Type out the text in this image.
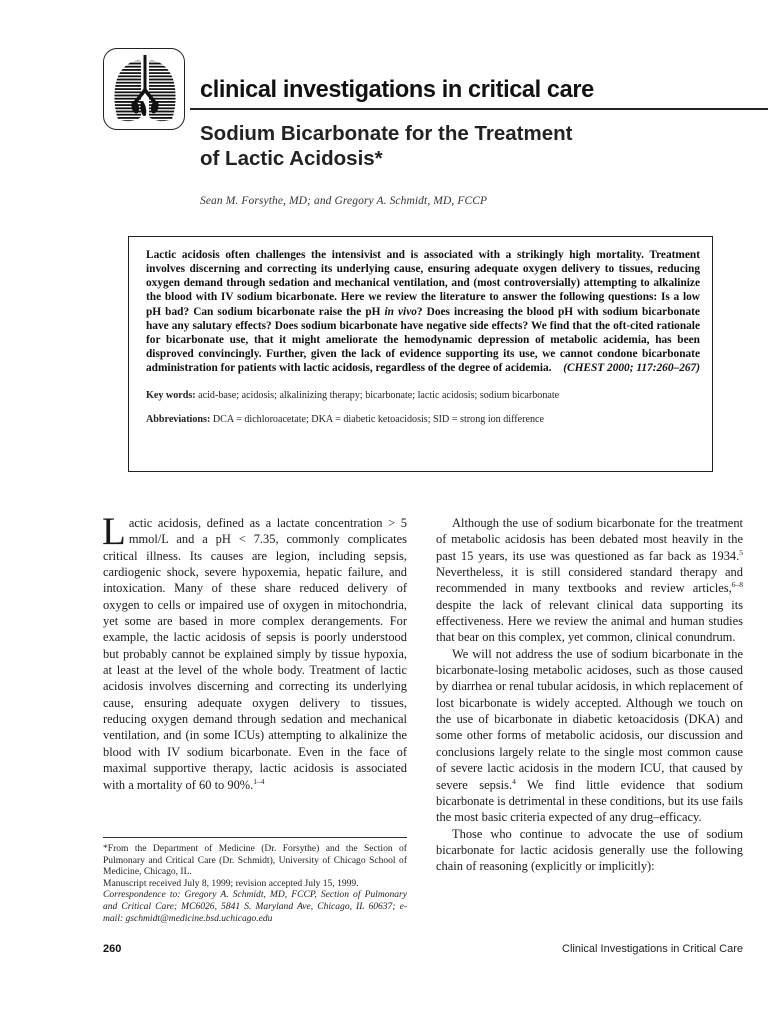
clinical investigations in critical care
Sodium Bicarbonate for the Treatment
of Lactic Acidosis*
Sean M. Forsythe, MD; and Gregory A. Schmidt, MD, FCCP
Lactic acidosis often challenges the intensivist and is associated with a strikingly high mortality. Treatment involves discerning and correcting its underlying cause, ensuring adequate oxygen delivery to tissues, reducing oxygen demand through sedation and mechanical ventilation, and (most controversially) attempting to alkalinize the blood with IV sodium bicarbonate. Here we review the literature to answer the following questions: Is a low pH bad? Can sodium bicarbonate raise the pH in vivo? Does increasing the blood pH with sodium bicarbonate have any salutary effects? Does sodium bicarbonate have negative side effects? We find that the oft-cited rationale for bicarbonate use, that it might ameliorate the hemodynamic depression of metabolic acidemia, has been disproved convincingly. Further, given the lack of evidence supporting its use, we cannot condone bicarbonate administration for patients with lactic acidosis, regardless of the degree of acidemia. (CHEST 2000; 117:260–267)
Key words: acid-base; acidosis; alkalinizing therapy; bicarbonate; lactic acidosis; sodium bicarbonate
Abbreviations: DCA = dichloroacetate; DKA = diabetic ketoacidosis; SID = strong ion difference

Lactic acidosis, defined as a lactate concentration > 5 mmol/L and a pH < 7.35, commonly complicates critical illness. Its causes are legion, including sepsis, cardiogenic shock, severe hypoxemia, hepatic failure, and intoxication. Many of these share reduced delivery of oxygen to cells or impaired use of oxygen in mitochondria, yet some are based in more complex derangements. For example, the lactic acidosis of sepsis is poorly understood but probably cannot be explained simply by tissue hypoxia, at least at the level of the whole body. Treatment of lactic acidosis involves discerning and correcting its underlying cause, ensuring adequate oxygen delivery to tissues, reducing oxygen demand through sedation and mechanical ventilation, and (in some ICUs) attempting to alkalinize the blood with IV sodium bicarbonate. Even in the face of maximal supportive therapy, lactic acidosis is associated with a mortality of 60 to 90%.$^{1-4}$

*From the Department of Medicine (Dr. Forsythe) and the Section of Pulmonary and Critical Care (Dr. Schmidt), University of Chicago School of Medicine, Chicago, IL.
Manuscript received July 8, 1999; revision accepted July 15, 1999.
Correspondence to: Gregory A. Schmidt, MD, FCCP, Section of Pulmonary and Critical Care; MC6026, 5841 S. Maryland Ave, Chicago, IL 60637; e-mail: gschmidt@medicine.bsd.uchicago.edu

Although the use of sodium bicarbonate for the treatment of metabolic acidosis has been debated most heavily in the past 15 years, its use was questioned as far back as 1934.$^5$ Nevertheless, it is still considered standard therapy and recommended in many textbooks and review articles,$^{6-8}$ despite the lack of relevant clinical data supporting its effectiveness. Here we review the animal and human studies that bear on this complex, yet common, clinical conundrum.

We will not address the use of sodium bicarbonate in the bicarbonate-losing metabolic acidoses, such as those caused by diarrhea or renal tubular acidosis, in which replacement of lost bicarbonate is widely accepted. Although we touch on the use of bicarbonate in diabetic ketoacidosis (DKA) and some other forms of metabolic acidosis, our discussion and conclusions largely relate to the single most common cause of severe lactic acidosis in the modern ICU, that caused by severe sepsis.$^4$ We find little evidence that sodium bicarbonate is detrimental in these conditions, but its use fails the most basic criteria expected of any drug–efficacy.

Those who continue to advocate the use of sodium bicarbonate for lactic acidosis generally use the following chain of reasoning (explicitly or implicitly):

260	Clinical Investigations in Critical Care
